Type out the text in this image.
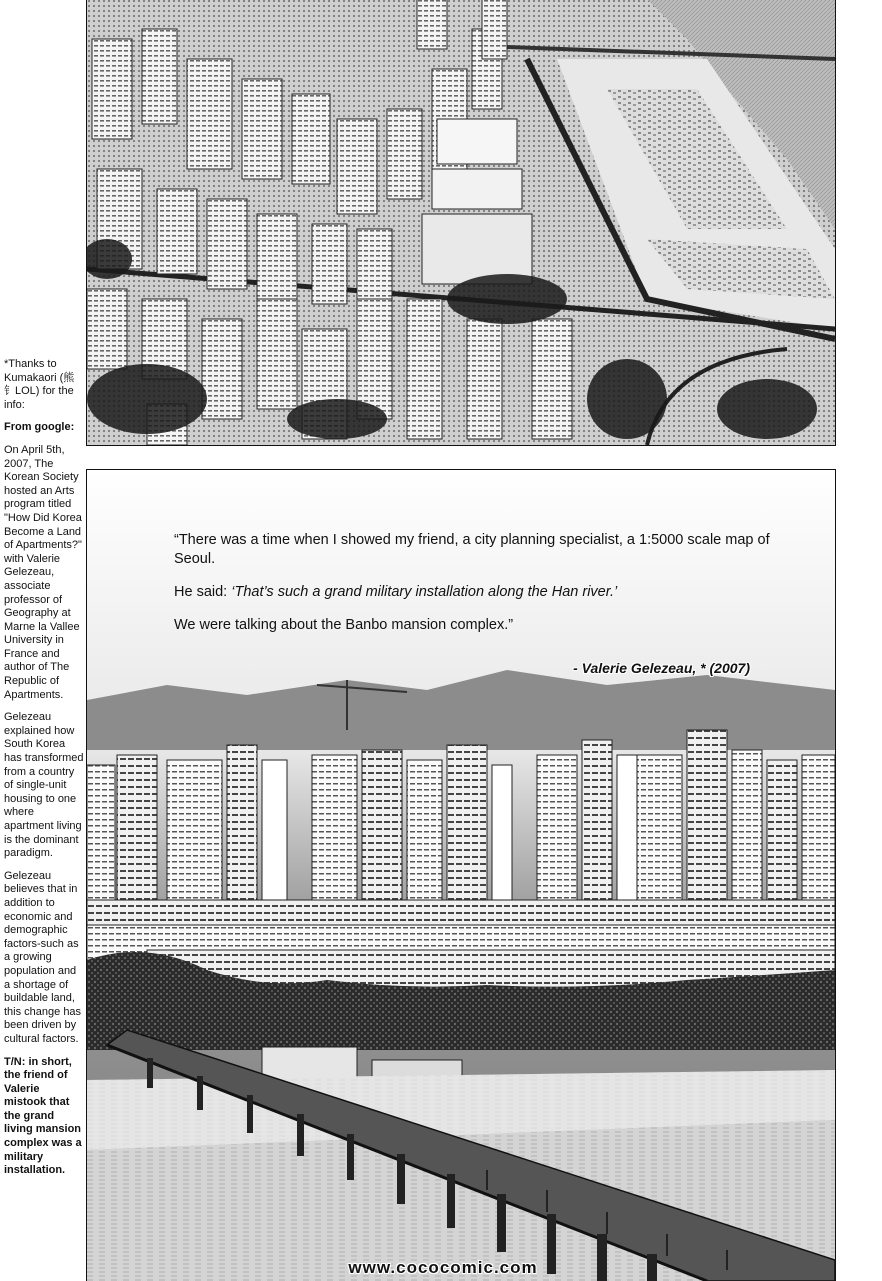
“There was a time when I showed my friend, a city planning specialist, a 1:5000 scale map of Seoul.

He said: ‘That’s such a grand military installation along the Han river.’

We were talking about the Banbo mansion complex.”

- Valerie Gelezeau, * (2007)

*Thanks to Kumakaori (熊钅LOL) for the info:

From google:

On April 5th, 2007, The Korean Society hosted an Arts program titled "How Did Korea Become a Land of Apartments?" with Valerie Gelezeau, associate professor of Geography at Marne la Vallee University in France and author of The Republic of Apartments.

Gelezeau explained how South Korea has transformed from a country of single-unit housing to one where apartment living is the dominant paradigm.

Gelezeau believes that in addition to economic and demographic factors-such as a growing population and a shortage of buildable land, this change has been driven by cultural factors.

T/N: in short, the friend of Valerie mistook that the grand living mansion complex was a military installation.

www.cococomic.com
